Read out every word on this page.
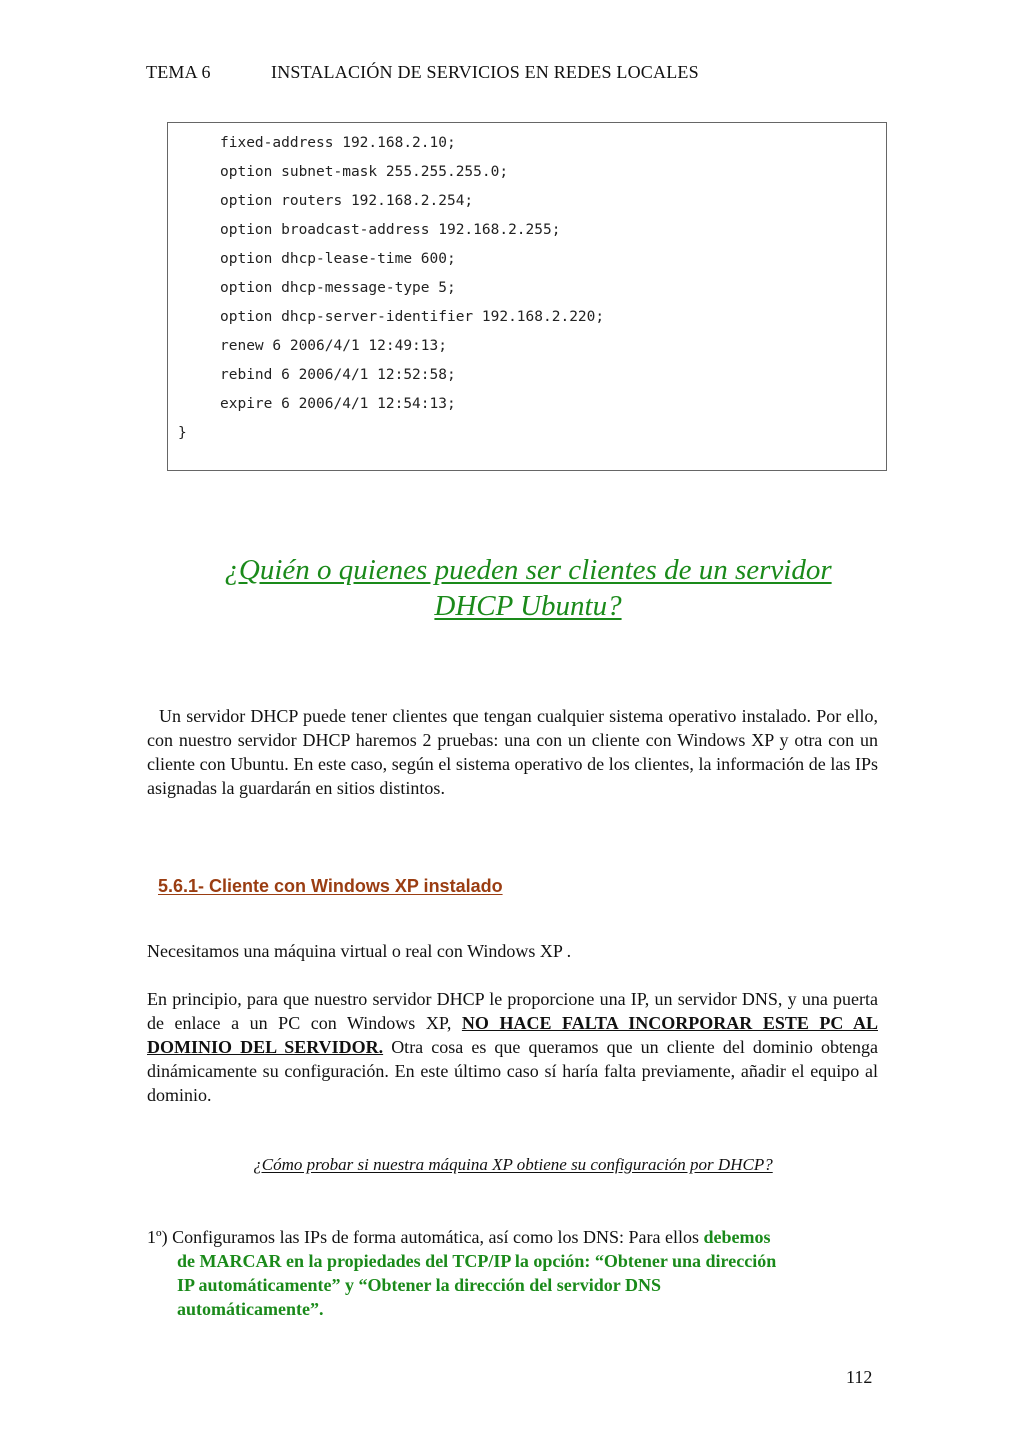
TEMA 6	INSTALACIÓN DE SERVICIOS EN REDES LOCALES
fixed-address 192.168.2.10;
option subnet-mask 255.255.255.0;
option routers 192.168.2.254;
option broadcast-address 192.168.2.255;
option dhcp-lease-time 600;
option dhcp-message-type 5;
option dhcp-server-identifier 192.168.2.220;
renew 6 2006/4/1 12:49:13;
rebind 6 2006/4/1 12:52:58;
expire 6 2006/4/1 12:54:13;
}
¿Quién o quienes pueden ser clientes de un servidor
DHCP Ubuntu?
Un servidor DHCP puede tener clientes que tengan cualquier sistema operativo instalado. Por ello, con nuestro servidor DHCP haremos 2 pruebas: una con un cliente con Windows XP y otra con un cliente con Ubuntu. En este caso, según el sistema operativo de los clientes, la información de las IPs asignadas la guardarán en sitios distintos.
5.6.1- Cliente con Windows XP instalado
Necesitamos una máquina virtual o real con Windows XP .
En principio, para que nuestro servidor DHCP le proporcione una IP, un servidor DNS, y una puerta de enlace a un PC con Windows XP, NO HACE FALTA INCORPORAR ESTE PC AL DOMINIO DEL SERVIDOR. Otra cosa es que queramos que un cliente del dominio obtenga dinámicamente su configuración. En este último caso sí haría falta previamente, añadir el equipo al dominio.
¿Cómo probar si nuestra máquina XP obtiene su configuración por DHCP?
1º) Configuramos las IPs de forma automática, así como los DNS: Para ellos debemos
de MARCAR en la propiedades del TCP/IP la opción: “Obtener una dirección
IP automáticamente” y “Obtener la dirección del servidor DNS
automáticamente”.
112
